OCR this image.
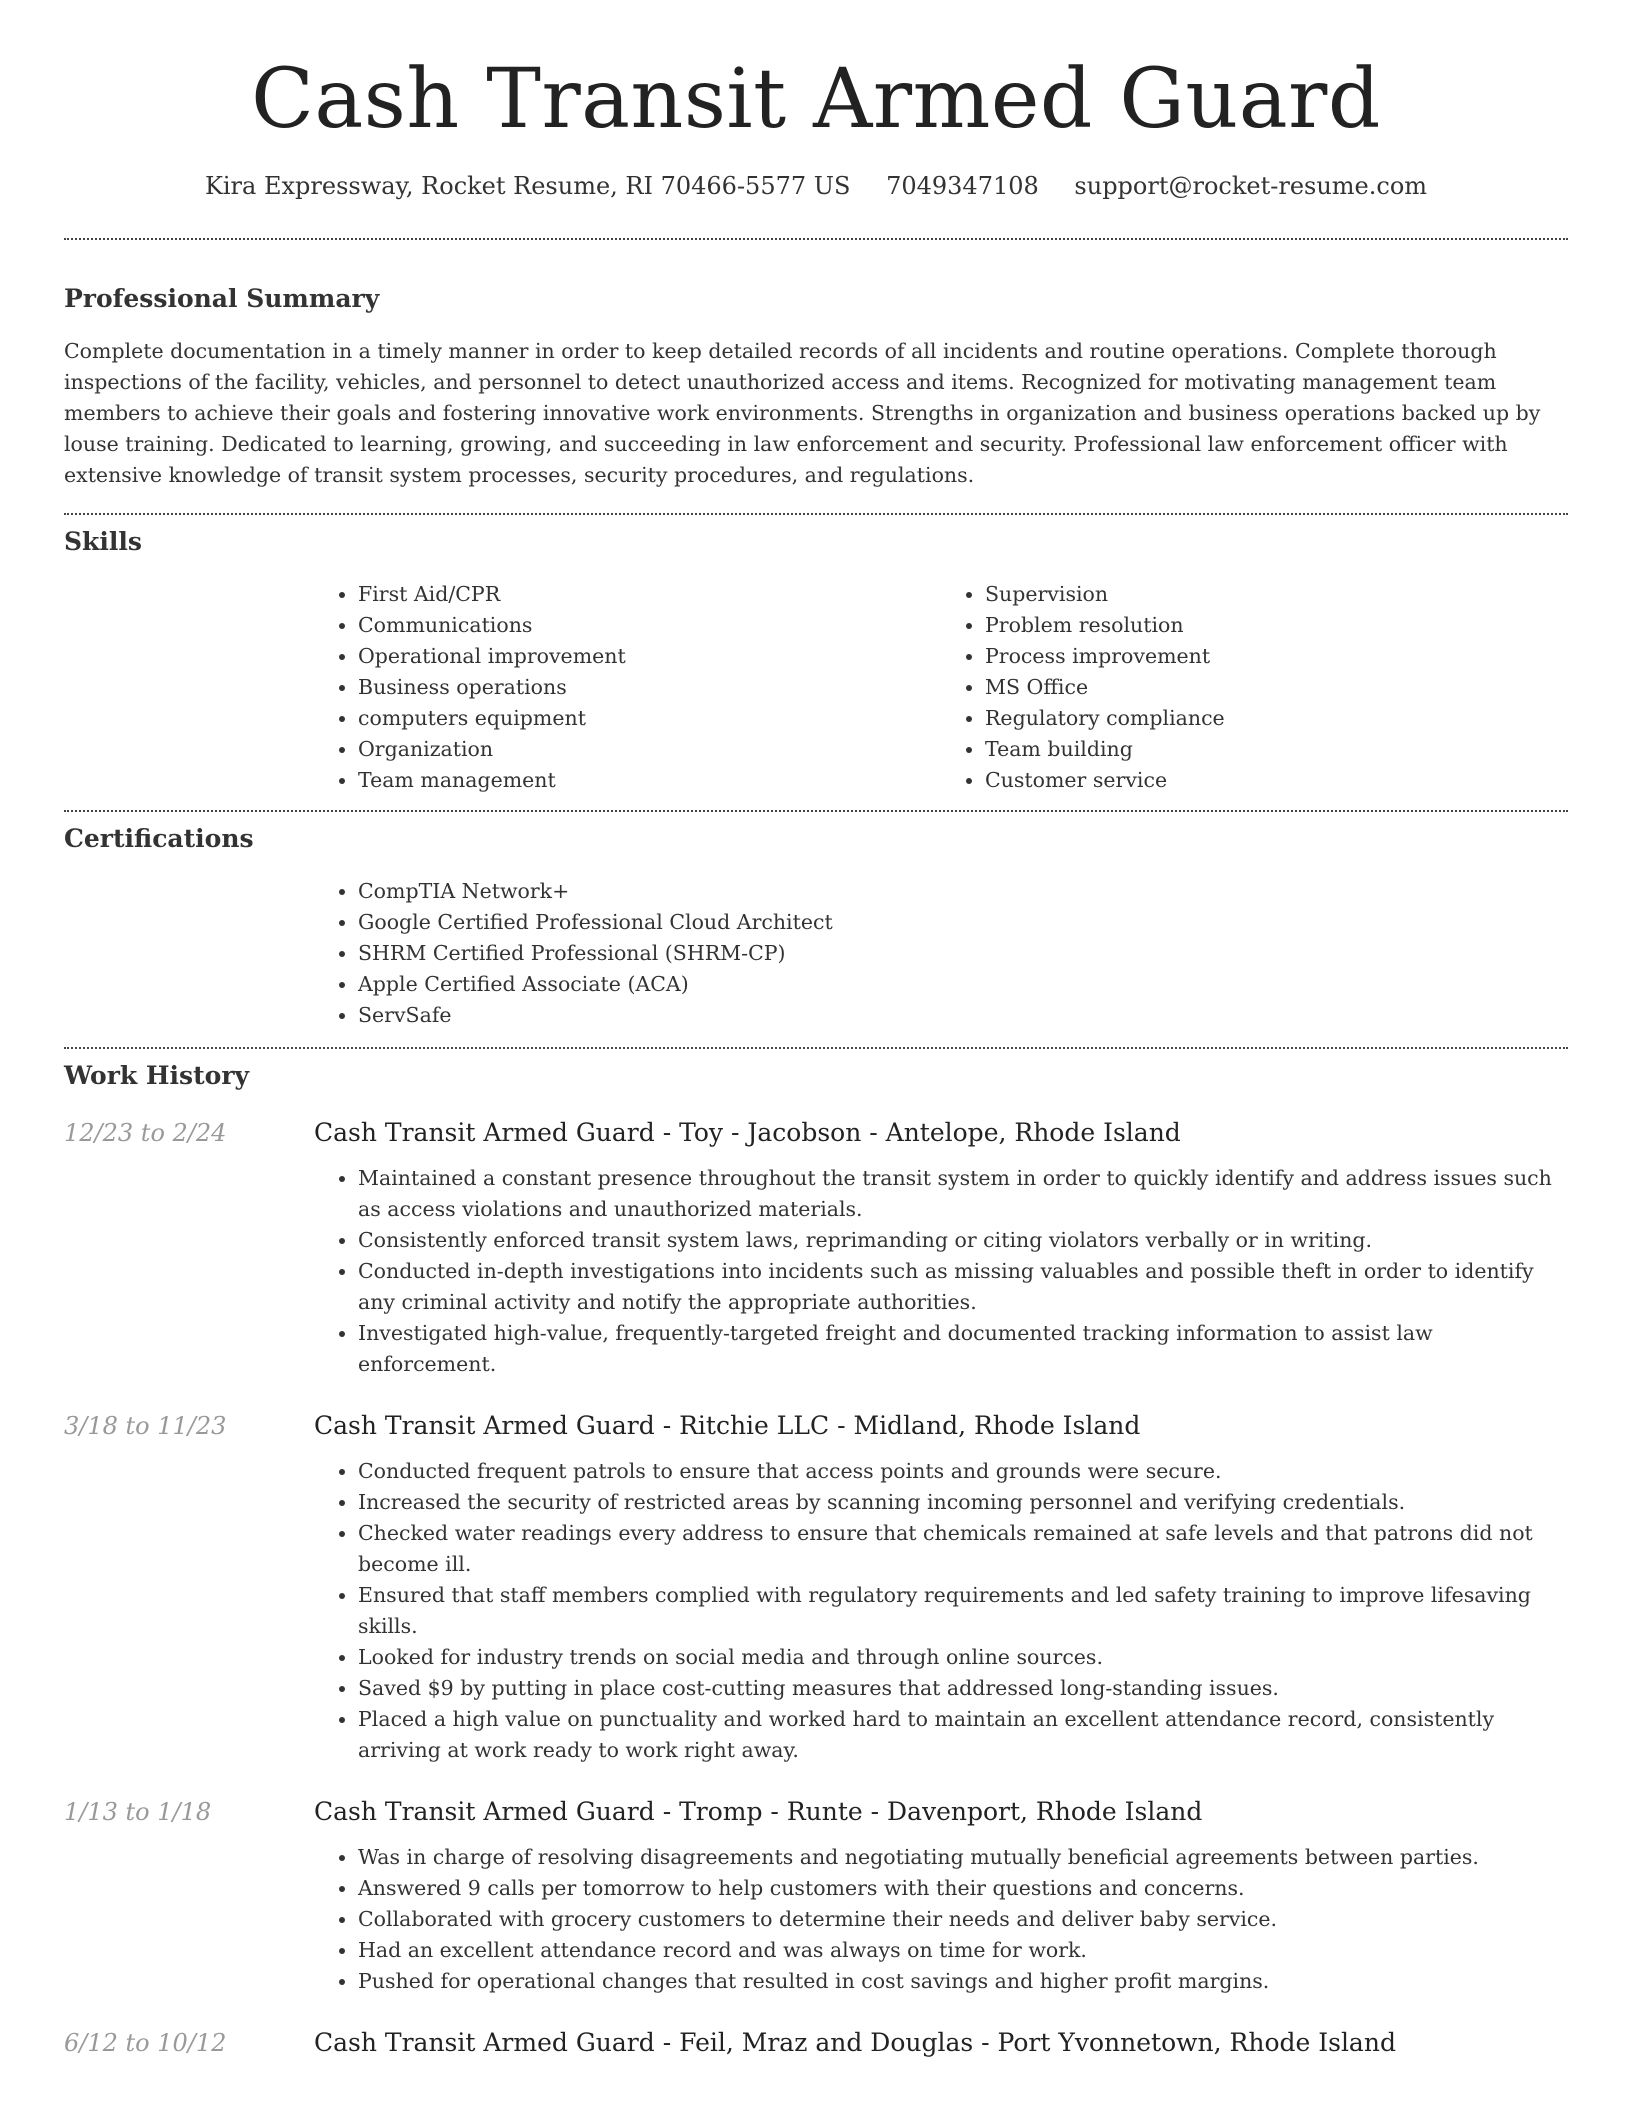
Cash Transit Armed Guard
Kira Expressway, Rocket Resume, RI 70466-5577 US 7049347108 support@rocket-resume.com
Professional Summary

Complete documentation in a timely manner in order to keep detailed records of all incidents and routine operations. Complete thorough inspections of the facility, vehicles, and personnel to detect unauthorized access and items. Recognized for motivating management team members to achieve their goals and fostering innovative work environments. Strengths in organization and business operations backed up by louse training. Dedicated to learning, growing, and succeeding in law enforcement and security. Professional law enforcement officer with extensive knowledge of transit system processes, security procedures, and regulations.

Skills
• First Aid/CPR
• Communications
• Operational improvement
• Business operations
• computers equipment
• Organization
• Team management
• Supervision
• Problem resolution
• Process improvement
• MS Office
• Regulatory compliance
• Team building
• Customer service
Certifications
• CompTIA Network+
• Google Certified Professional Cloud Architect
• SHRM Certified Professional (SHRM-CP)
• Apple Certified Associate (ACA)
• ServSafe
Work History
12/23 to 2/24	Cash Transit Armed Guard - Toy - Jacobson - Antelope, Rhode Island
• Maintained a constant presence throughout the transit system in order to quickly identify and address issues such as access violations and unauthorized materials.
• Consistently enforced transit system laws, reprimanding or citing violators verbally or in writing.
• Conducted in-depth investigations into incidents such as missing valuables and possible theft in order to identify any criminal activity and notify the appropriate authorities.
• Investigated high-value, frequently-targeted freight and documented tracking information to assist law enforcement.
3/18 to 11/23	Cash Transit Armed Guard - Ritchie LLC - Midland, Rhode Island
• Conducted frequent patrols to ensure that access points and grounds were secure.
• Increased the security of restricted areas by scanning incoming personnel and verifying credentials.
• Checked water readings every address to ensure that chemicals remained at safe levels and that patrons did not become ill.
• Ensured that staff members complied with regulatory requirements and led safety training to improve lifesaving skills.
• Looked for industry trends on social media and through online sources.
• Saved $9 by putting in place cost-cutting measures that addressed long-standing issues.
• Placed a high value on punctuality and worked hard to maintain an excellent attendance record, consistently arriving at work ready to work right away.
1/13 to 1/18	Cash Transit Armed Guard - Tromp - Runte - Davenport, Rhode Island
• Was in charge of resolving disagreements and negotiating mutually beneficial agreements between parties.
• Answered 9 calls per tomorrow to help customers with their questions and concerns.
• Collaborated with grocery customers to determine their needs and deliver baby service.
• Had an excellent attendance record and was always on time for work.
• Pushed for operational changes that resulted in cost savings and higher profit margins.
6/12 to 10/12	Cash Transit Armed Guard - Feil, Mraz and Douglas - Port Yvonnetown, Rhode Island
